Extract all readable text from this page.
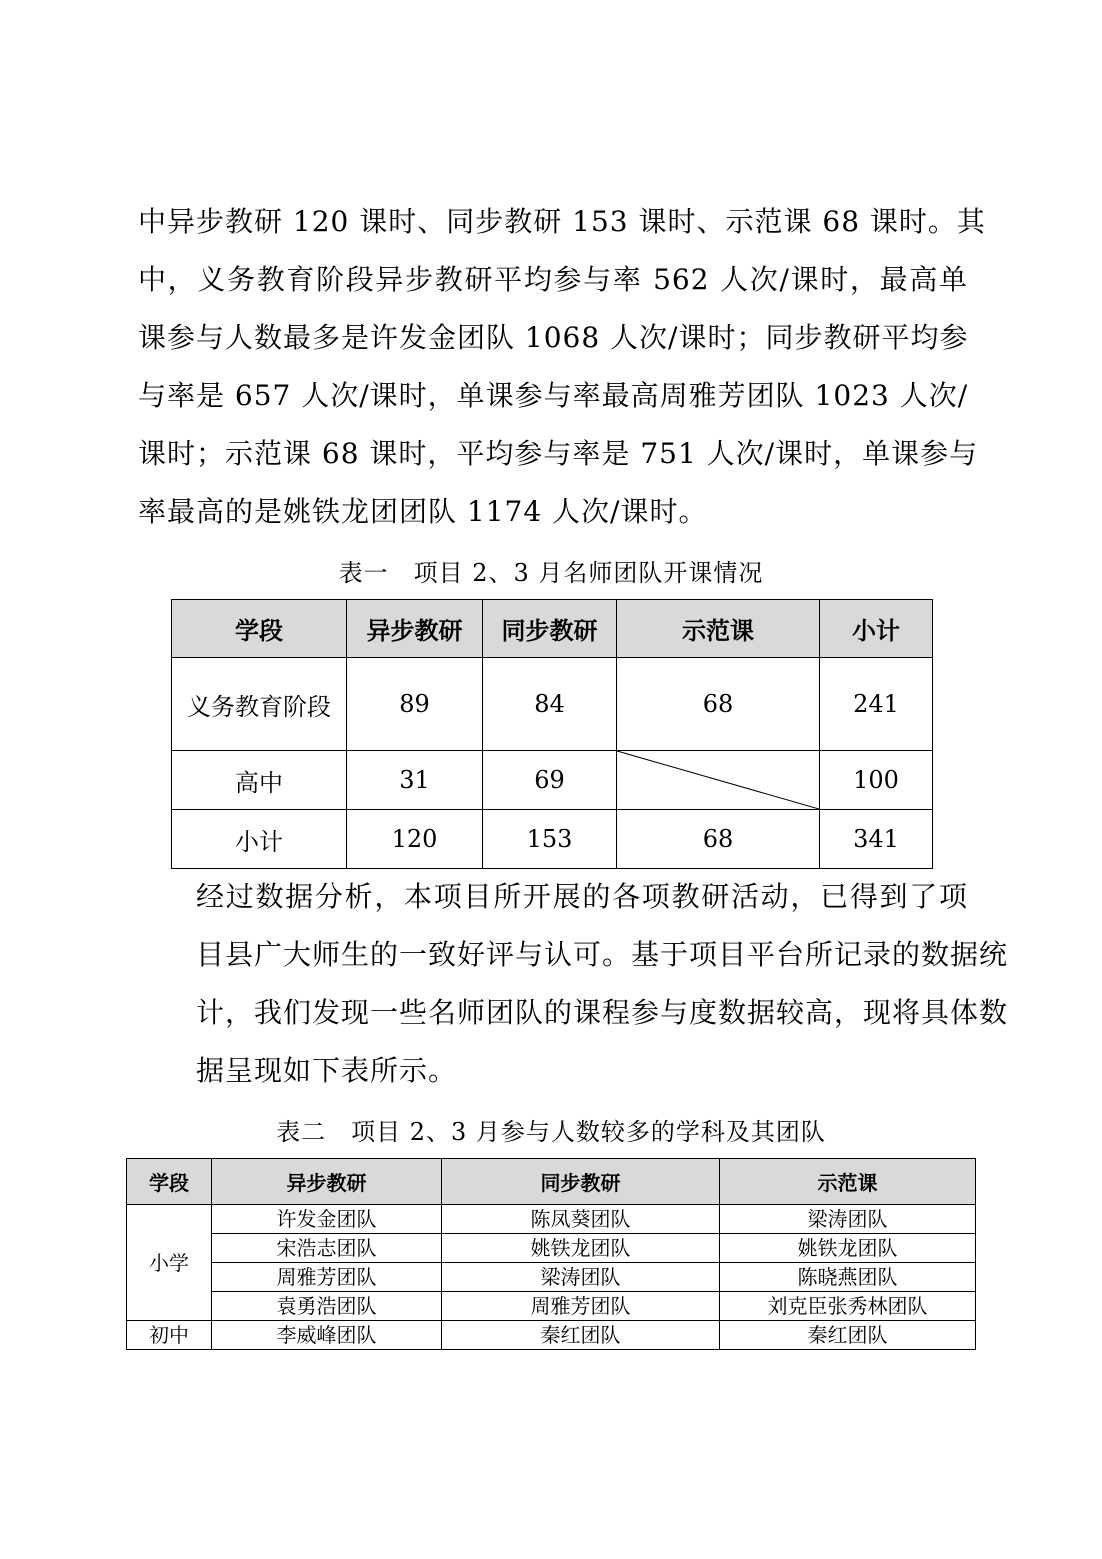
中异步教研 120 课时、同步教研 153 课时、示范课 68 课时。其
中，义务教育阶段异步教研平均参与率 562 人次/课时，最高单
课参与人数最多是许发金团队 1068 人次/课时；同步教研平均参
与率是 657 人次/课时，单课参与率最高周雅芳团队 1023 人次/
课时；示范课 68 课时，平均参与率是 751 人次/课时，单课参与
率最高的是姚铁龙团团队 1174 人次/课时。
表一　项目 2、3 月名师团队开课情况
学段	异步教研	同步教研	示范课	小计
义务教育阶段	89	84	68	241
高中	31	69		100
小计	120	153	68	341
经过数据分析，本项目所开展的各项教研活动，已得到了项
目县广大师生的一致好评与认可。基于项目平台所记录的数据统
计，我们发现一些名师团队的课程参与度数据较高，现将具体数
据呈现如下表所示。
表二　项目 2、3 月参与人数较多的学科及其团队
学段	异步教研	同步教研	示范课
小学	许发金团队	陈凤葵团队	梁涛团队
	宋浩志团队	姚铁龙团队	姚铁龙团队
	周雅芳团队	梁涛团队	陈晓燕团队
	袁勇浩团队	周雅芳团队	刘克臣张秀林团队
初中	李威峰团队	秦红团队	秦红团队
